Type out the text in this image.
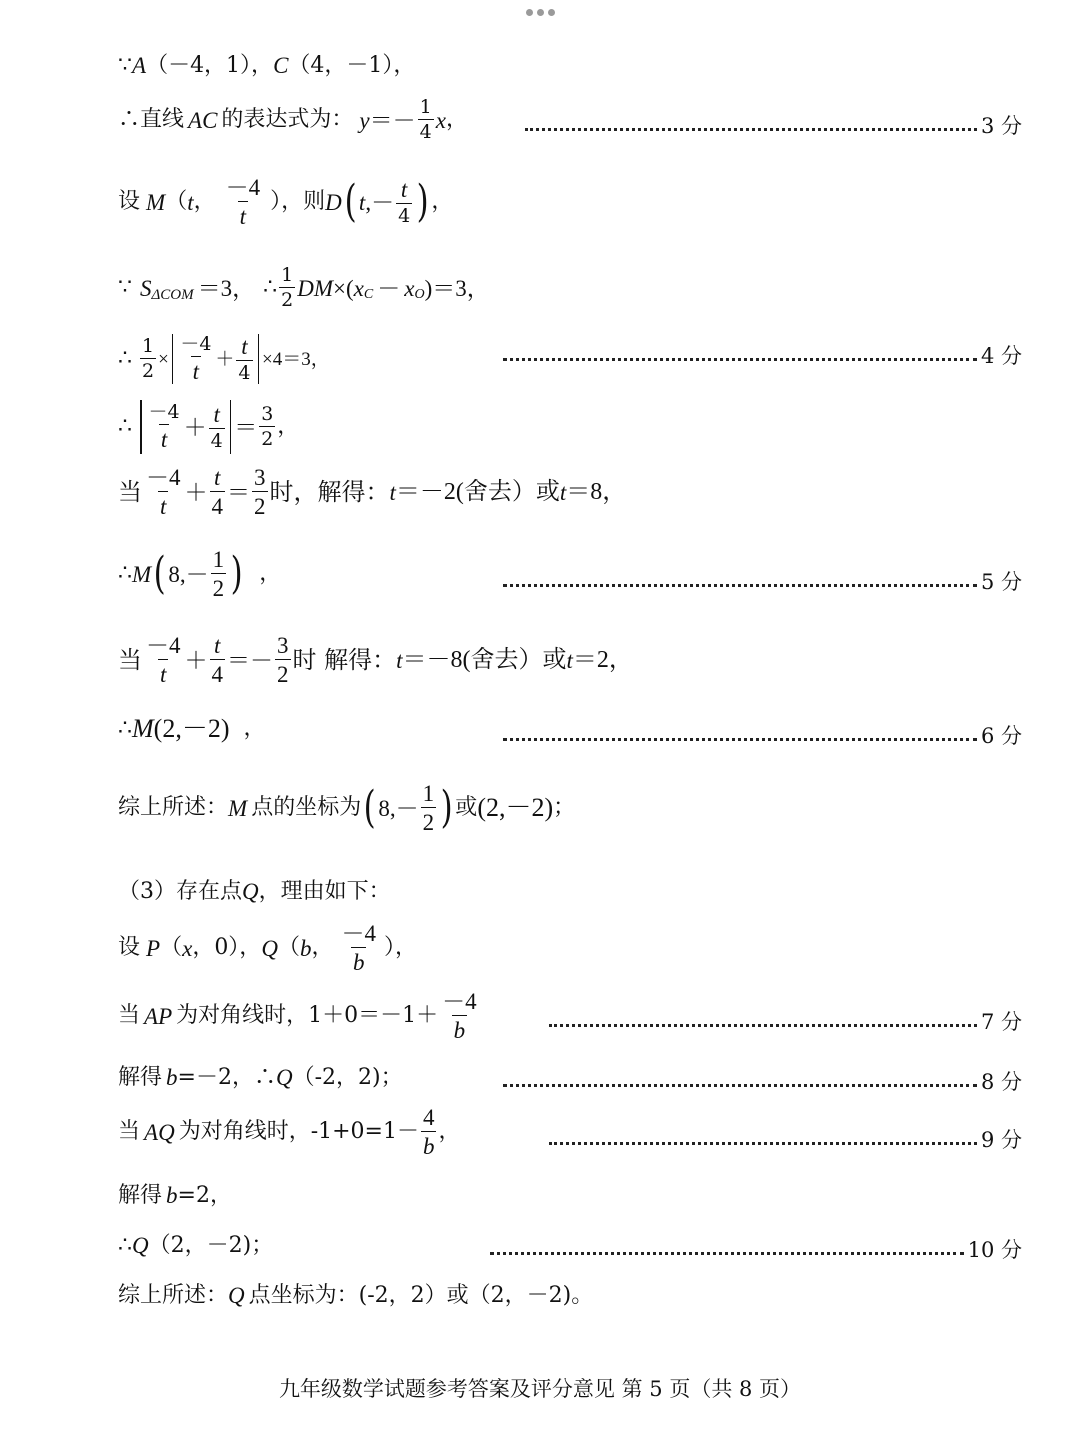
∵ A （－4，1）， C （4，－1），
∴直线 AC 的表达式为： $y =- \frac{1}{4}$ x ，	3 分
设 M （ t ， $\frac{-4}{t}$ ），则 D ( t ,－ $\frac{t}{4}$ ) ，
∵ S ΔCOM ＝3， ∴ $\frac{1}{2}$ DM ×( x C － x O )＝3，
∴ $\frac{1}{2} \times \frac{-4}{t} + \frac{t}{4} \times 4=3$，	4 分
∴ $\frac{-4}{t} + \frac{t}{4} = \frac{3}{2}$ ，
当 $\frac{-4}{t} + \frac{t}{4} = \frac{3}{2}$ 时，解得： t ＝－2(舍去）或 t ＝8，
∴ M ( $8,- \frac{1}{2}$ ) ，	5 分
当 $\frac{-4}{t} + \frac{t}{4} =- \frac{3}{2}$ 时 解得： t ＝－8(舍去）或 t ＝2，
∴ M (2,－2) ，	6 分
综上所述： M 点的坐标为 ( $8,- \frac{1}{2}$ ) 或 (2,－2) ；
（3）存在点 Q ，理由如下：
设 P （ x ，0）， Q （ b ， $\frac{-4}{b}$ ），
当 AP 为对角线时，$1+0=-1+ \frac{-4}{b}$	7 分
解得 b =－2，∴ Q （-2，2)；	8 分
当 AQ 为对角线时，$-1+0=1- \frac{4}{b}$ ，	9 分
解得 b =2，
∴ Q （2，－2)；	10 分
综上所述： Q 点坐标为：(-2，2）或（2，－2)。
九年级数学试题参考答案及评分意见 第 5 页（共 8 页）
